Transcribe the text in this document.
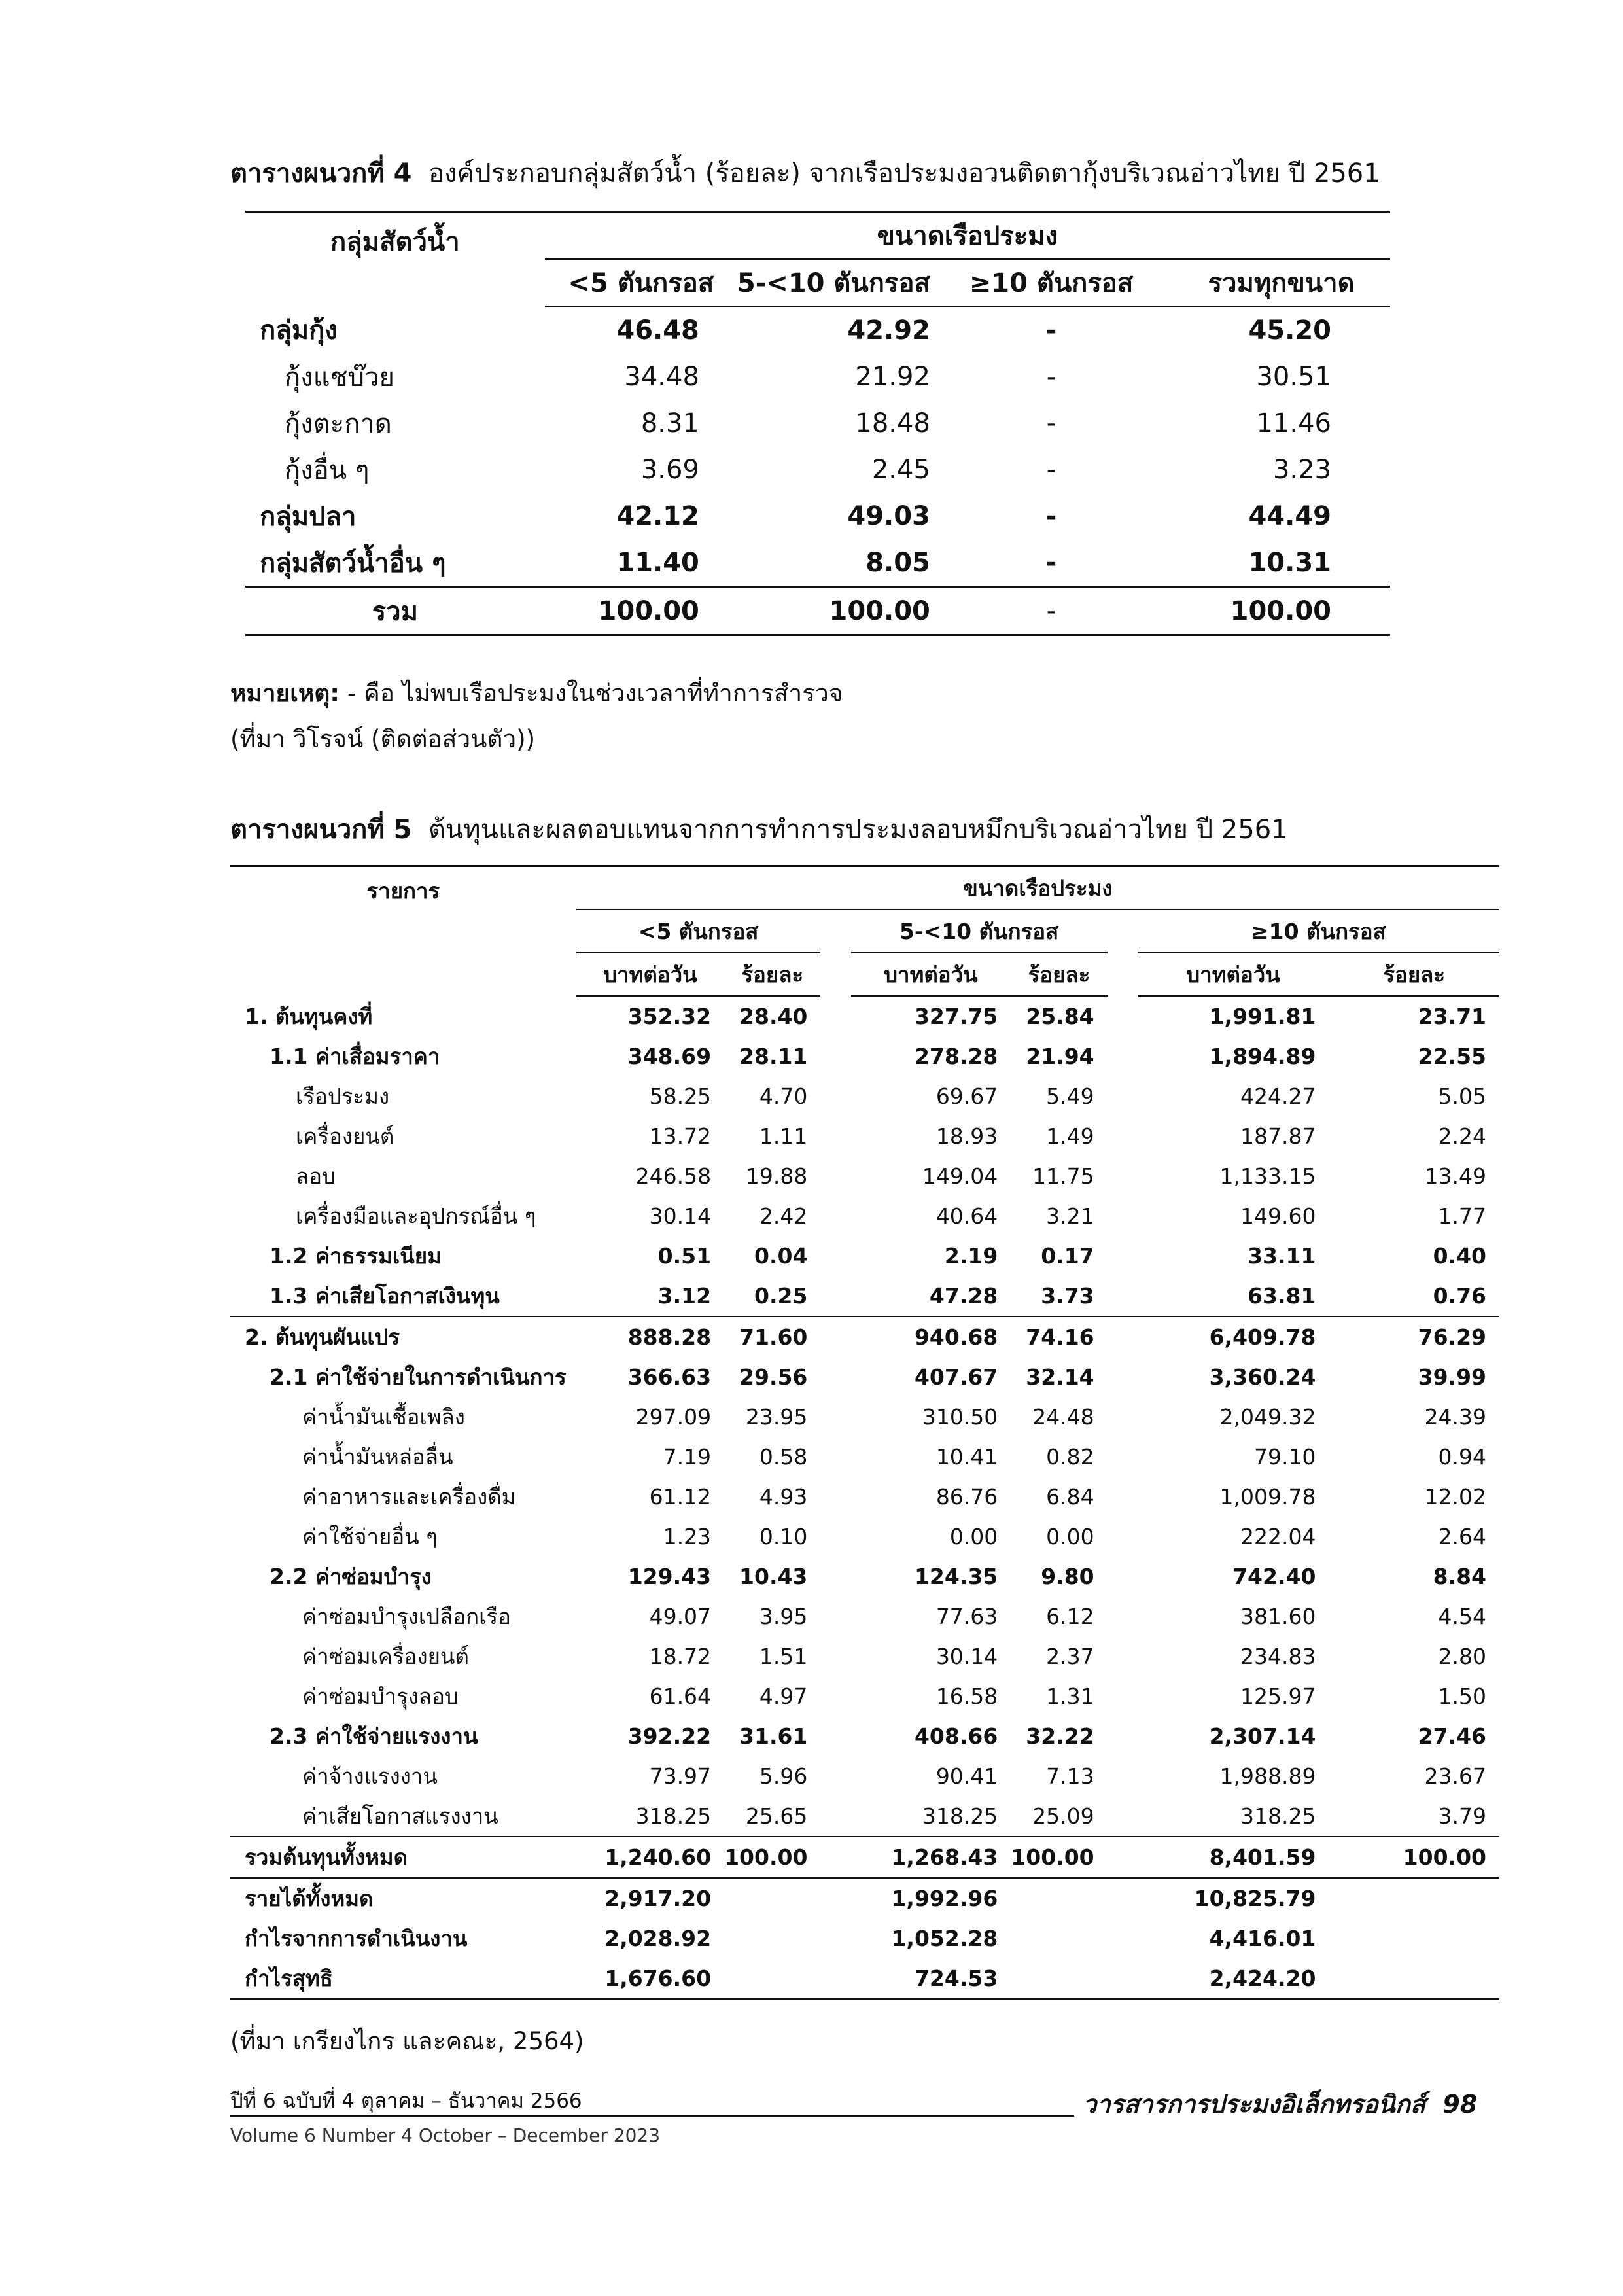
ตารางผนวกที่ 4 องค์ประกอบกลุ่มสัตว์น้ำ (ร้อยละ) จากเรือประมงอวนติดตากุ้งบริเวณอ่าวไทย ปี 2561
กลุ่มสัตว์น้ำ	ขนาดเรือประมง			
	<5 ตันกรอส	5-<10 ตันกรอส	≥10 ตันกรอส	รวมทุกขนาด
กลุ่มกุ้ง	46.48	42.92	-	45.20
กุ้งแชบ๊วย	34.48	21.92	-	30.51
กุ้งตะกาด	8.31	18.48	-	11.46
กุ้งอื่น ๆ	3.69	2.45	-	3.23
กลุ่มปลา	42.12	49.03	-	44.49
กลุ่มสัตว์น้ำอื่น ๆ	11.40	8.05	-	10.31
รวม	100.00	100.00	-	100.00
หมายเหตุ: - คือ ไม่พบเรือประมงในช่วงเวลาที่ทำการสำรวจ
(ที่มา วิโรจน์ (ติดต่อส่วนตัว))
ตารางผนวกที่ 5 ต้นทุนและผลตอบแทนจากการทำการประมงลอบหมึกบริเวณอ่าวไทย ปี 2561
รายการ	ขนาดเรือประมง							
	<5 ตันกรอส			5-<10 ตันกรอส			≥10 ตันกรอส	
	บาทต่อวัน	ร้อยละ		บาทต่อวัน	ร้อยละ		บาทต่อวัน	ร้อยละ
1. ต้นทุนคงที่	352.32	28.40		327.75	25.84		1,991.81	23.71
1.1 ค่าเสื่อมราคา	348.69	28.11		278.28	21.94		1,894.89	22.55
เรือประมง	58.25	4.70		69.67	5.49		424.27	5.05
เครื่องยนต์	13.72	1.11		18.93	1.49		187.87	2.24
ลอบ	246.58	19.88		149.04	11.75		1,133.15	13.49
เครื่องมือและอุปกรณ์อื่น ๆ	30.14	2.42		40.64	3.21		149.60	1.77
1.2 ค่าธรรมเนียม	0.51	0.04		2.19	0.17		33.11	0.40
1.3 ค่าเสียโอกาสเงินทุน	3.12	0.25		47.28	3.73		63.81	0.76
2. ต้นทุนผันแปร	888.28	71.60		940.68	74.16		6,409.78	76.29
2.1 ค่าใช้จ่ายในการดำเนินการ	366.63	29.56		407.67	32.14		3,360.24	39.99
ค่าน้ำมันเชื้อเพลิง	297.09	23.95		310.50	24.48		2,049.32	24.39
ค่าน้ำมันหล่อลื่น	7.19	0.58		10.41	0.82		79.10	0.94
ค่าอาหารและเครื่องดื่ม	61.12	4.93		86.76	6.84		1,009.78	12.02
ค่าใช้จ่ายอื่น ๆ	1.23	0.10		0.00	0.00		222.04	2.64
2.2 ค่าซ่อมบำรุง	129.43	10.43		124.35	9.80		742.40	8.84
ค่าซ่อมบำรุงเปลือกเรือ	49.07	3.95		77.63	6.12		381.60	4.54
ค่าซ่อมเครื่องยนต์	18.72	1.51		30.14	2.37		234.83	2.80
ค่าซ่อมบำรุงลอบ	61.64	4.97		16.58	1.31		125.97	1.50
2.3 ค่าใช้จ่ายแรงงาน	392.22	31.61		408.66	32.22		2,307.14	27.46
ค่าจ้างแรงงาน	73.97	5.96		90.41	7.13		1,988.89	23.67
ค่าเสียโอกาสแรงงาน	318.25	25.65		318.25	25.09		318.25	3.79
รวมต้นทุนทั้งหมด	1,240.60	100.00		1,268.43	100.00		8,401.59	100.00
รายได้ทั้งหมด	2,917.20			1,992.96			10,825.79	
กำไรจากการดำเนินงาน	2,028.92			1,052.28			4,416.01	
กำไรสุทธิ	1,676.60			724.53			2,424.20	
(ที่มา เกรียงไกร และคณะ, 2564)
ปีที่ 6 ฉบับที่ 4 ตุลาคม – ธันวาคม 2566
Volume 6 Number 4 October – December 2023
วารสารการประมงอิเล็กทรอนิกส์ 98
